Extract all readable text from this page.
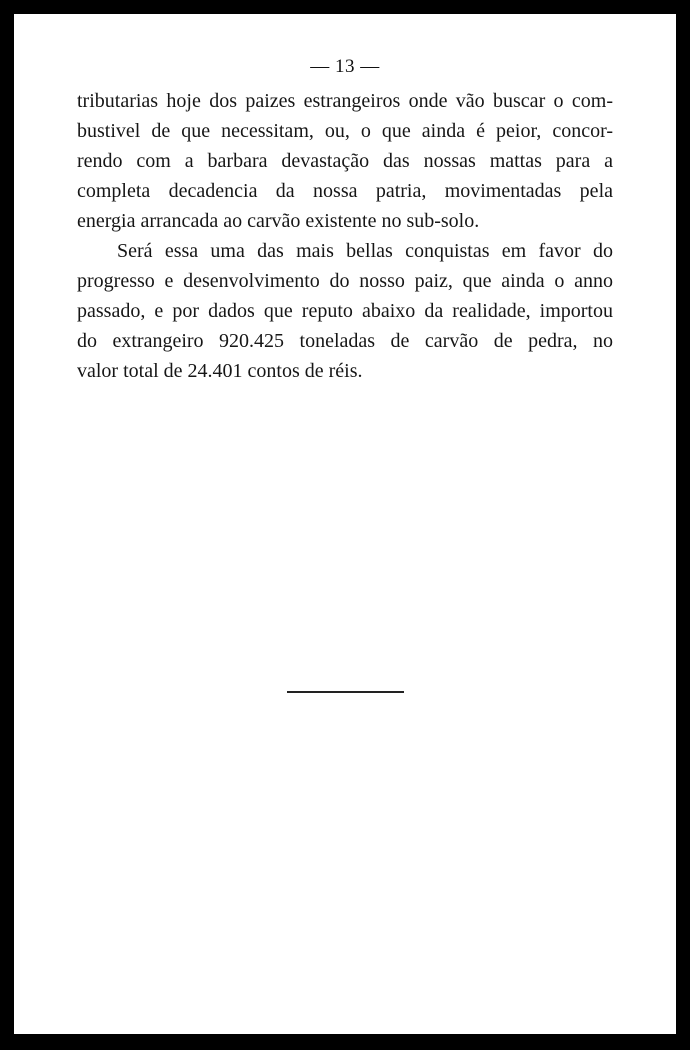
— 13 —
tributarias hoje dos paizes estrangeiros onde vão buscar o com-
bustivel de que necessitam, ou, o que ainda é peior, concor-
rendo com a barbara devastação das nossas mattas para a
completa decadencia da nossa patria, movimentadas pela
energia arrancada ao carvão existente no sub-solo.
Será essa uma das mais bellas conquistas em favor do
progresso e desenvolvimento do nosso paiz, que ainda o anno
passado, e por dados que reputo abaixo da realidade, importou
do extrangeiro 920.425 toneladas de carvão de pedra, no
valor total de 24.401 contos de réis.
